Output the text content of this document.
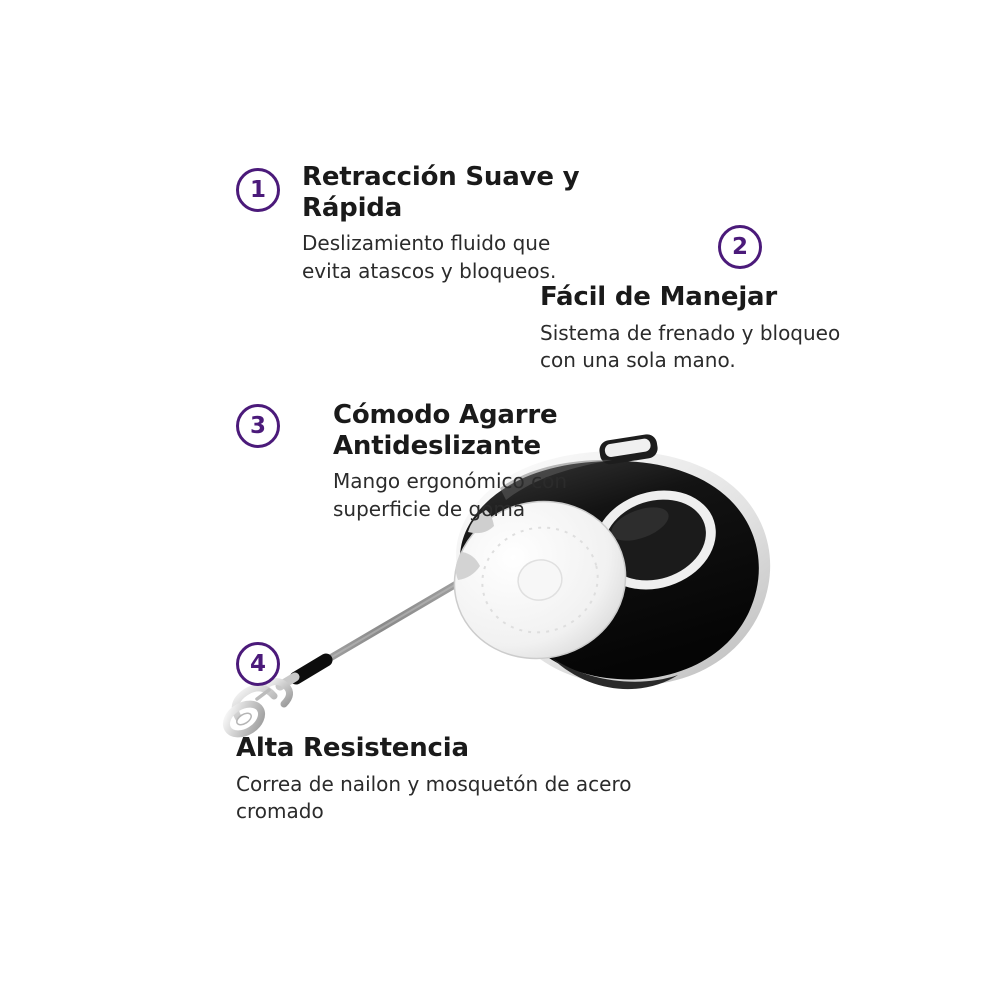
1 Retracción Suave y Rápida
Deslizamiento fluido que evita atascos y bloqueos.
2
Fácil de Manejar
Sistema de frenado y bloqueo con una sola mano.
3	Cómodo Agarre Antideslizante
Mango ergonómico con superficie de goma
4
Alta Resistencia
Correa de nailon y mosquetón de acero cromado
